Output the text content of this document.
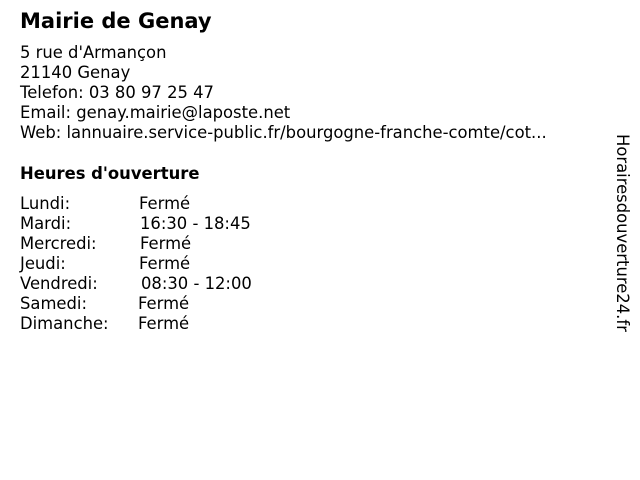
Mairie de Genay
5 rue d'Armançon
21140 Genay
Telefon: 03 80 97 25 47
Email: genay.mairie@laposte.net
Web: lannuaire.service-public.fr/bourgogne-franche-comte/cot...
Heures d'ouverture
Lundi:	Fermé
Mardi:	16:30 - 18:45
Mercredi:	Fermé
Jeudi:	Fermé
Vendredi:	08:30 - 12:00
Samedi:	Fermé
Dimanche: Fermé	Horairesdouverture24.fr
